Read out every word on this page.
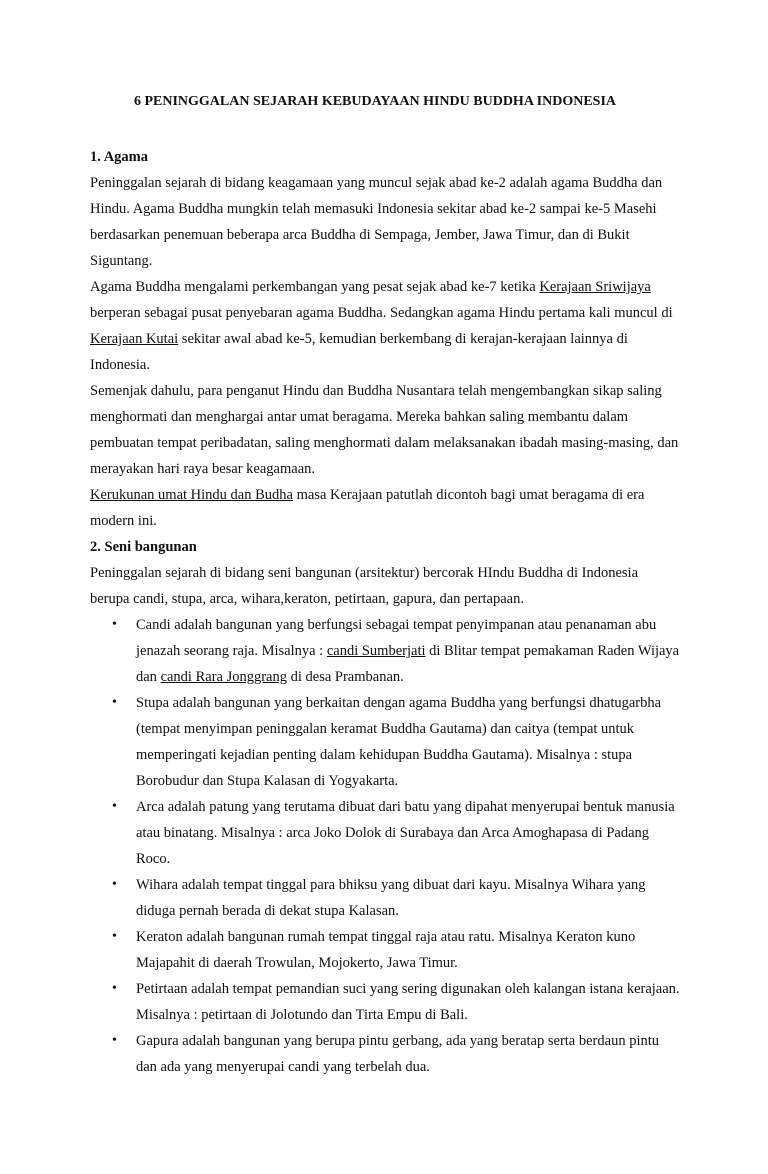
6 PENINGGALAN SEJARAH KEBUDAYAAN HINDU BUDDHA INDONESIA

1. Agama

Peninggalan sejarah di bidang keagamaan yang muncul sejak abad ke-2 adalah agama Buddha dan Hindu. Agama Buddha mungkin telah memasuki Indonesia sekitar abad ke-2 sampai ke-5 Masehi berdasarkan penemuan beberapa arca Buddha di Sempaga, Jember, Jawa Timur, dan di Bukit Siguntang.

Agama Buddha mengalami perkembangan yang pesat sejak abad ke-7 ketika Kerajaan Sriwijaya berperan sebagai pusat penyebaran agama Buddha. Sedangkan agama Hindu pertama kali muncul di Kerajaan Kutai sekitar awal abad ke-5, kemudian berkembang di kerajan-kerajaan lainnya di Indonesia.

Semenjak dahulu, para penganut Hindu dan Buddha Nusantara telah mengembangkan sikap saling menghormati dan menghargai antar umat beragama. Mereka bahkan saling membantu dalam pembuatan tempat peribadatan, saling menghormati dalam melaksanakan ibadah masing-masing, dan merayakan hari raya besar keagamaan.

Kerukunan umat Hindu dan Budha masa Kerajaan patutlah dicontoh bagi umat beragama di era modern ini.

2. Seni bangunan

Peninggalan sejarah di bidang seni bangunan (arsitektur) bercorak HIndu Buddha di Indonesia berupa candi, stupa, arca, wihara,keraton, petirtaan, gapura, dan pertapaan.

• Candi adalah bangunan yang berfungsi sebagai tempat penyimpanan atau penanaman abu jenazah seorang raja. Misalnya : candi Sumberjati di Blitar tempat pemakaman Raden Wijaya dan candi Rara Jonggrang di desa Prambanan.
• Stupa adalah bangunan yang berkaitan dengan agama Buddha yang berfungsi dhatugarbha (tempat menyimpan peninggalan keramat Buddha Gautama) dan caitya (tempat untuk memperingati kejadian penting dalam kehidupan Buddha Gautama). Misalnya : stupa Borobudur dan Stupa Kalasan di Yogyakarta.
• Arca adalah patung yang terutama dibuat dari batu yang dipahat menyerupai bentuk manusia atau binatang. Misalnya : arca Joko Dolok di Surabaya dan Arca Amoghapasa di Padang Roco.
• Wihara adalah tempat tinggal para bhiksu yang dibuat dari kayu. Misalnya Wihara yang diduga pernah berada di dekat stupa Kalasan.
• Keraton adalah bangunan rumah tempat tinggal raja atau ratu. Misalnya Keraton kuno Majapahit di daerah Trowulan, Mojokerto, Jawa Timur.
• Petirtaan adalah tempat pemandian suci yang sering digunakan oleh kalangan istana kerajaan. Misalnya : petirtaan di Jolotundo dan Tirta Empu di Bali.
• Gapura adalah bangunan yang berupa pintu gerbang, ada yang beratap serta berdaun pintu dan ada yang menyerupai candi yang terbelah dua.
